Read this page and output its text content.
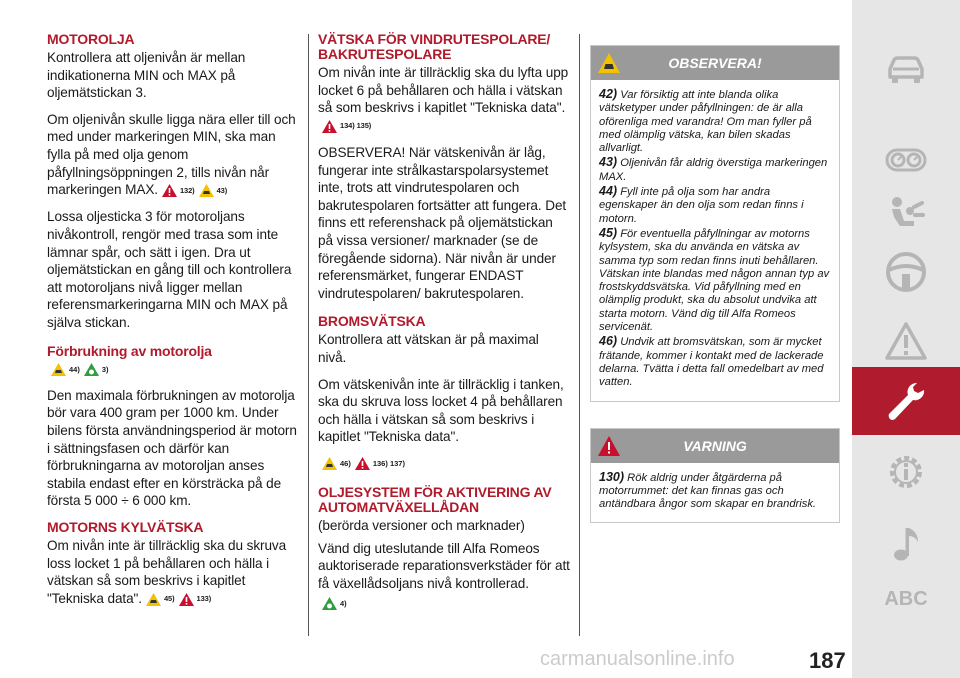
MOTOROLJA

Kontrollera att oljenivån är mellan indikationerna MIN och MAX på oljemätstickan 3.

Om oljenivån skulle ligga nära eller till och med under markeringen MIN, ska man fylla på med olja genom påfyllningsöppningen 2, tills nivån når markeringen MAX.	132)	43)

Lossa oljesticka 3 för motoroljans nivåkontroll, rengör med trasa som inte lämnar spår, och sätt i igen. Dra ut oljemätstickan en gång till och kontrollera att motoroljans nivå ligger mellan referensmarkeringarna MIN och MAX på själva stickan.

Förbrukning av motorolja
44)	3)

Den maximala förbrukningen av motorolja bör vara 400 gram per 1000 km. Under bilens första användningsperiod är motorn i sättningsfasen och därför kan förbrukningarna av motoroljan anses stabila endast efter en körsträcka på de första 5 000 ÷ 6 000 km.

MOTORNS KYLVÄTSKA

Om nivån inte är tillräcklig ska du skruva loss locket 1 på behållaren och hälla i vätskan så som beskrivs i kapitlet "Tekniska data".	45)	133)

VÄTSKA FÖR VINDRUTESPOLARE/ BAKRUTESPOLARE

Om nivån inte är tillräcklig ska du lyfta upp locket 6 på behållaren och hälla i vätskan så som beskrivs i kapitlet "Tekniska data".
134) 135)

OBSERVERA! När vätskenivån är låg, fungerar inte strålkastarspolarsystemet inte, trots att vindrutespolaren och bakrutespolaren fortsätter att fungera. Det finns ett referenshack på oljemätstickan på vissa versioner/ marknader (se de föregående sidorna). När nivån är under referensmärket, fungerar ENDAST vindrutespolaren/ bakrutespolaren.

BROMSVÄTSKA

Kontrollera att vätskan är på maximal nivå.

Om vätskenivån inte är tillräcklig i tanken, ska du skruva loss locket 4 på behållaren och hälla i vätskan så som beskrivs i kapitlet "Tekniska data".

46)	136) 137)
OLJESYSTEM FÖR AKTIVERING AV AUTOMATVÄXELLÅDAN

(berörda versioner och marknader)

Vänd dig uteslutande till Alfa Romeos auktoriserade reparationsverkstäder för att få växellådsoljans nivå kontrollerad.

4)
OBSERVERA!
42) Var försiktig att inte blanda olika vätsketyper under påfyllningen: de är alla oförenliga med varandra! Om man fyller på med olämplig vätska, kan bilen skadas allvarligt.
43) Oljenivån får aldrig överstiga markeringen MAX.
44) Fyll inte på olja som har andra egenskaper än den olja som redan finns i motorn.
45) För eventuella påfyllningar av motorns kylsystem, ska du använda en vätska av samma typ som redan finns inuti behållaren. Vätskan inte blandas med någon annan typ av frostskyddsvätska. Vid påfyllning med en olämplig produkt, ska du absolut undvika att starta motorn. Vänd dig till Alfa Romeos servicenät.
46) Undvik att bromsvätskan, som är mycket frätande, kommer i kontakt med de lackerade delarna. Tvätta i detta fall omedelbart av med vatten.
VARNING
130) Rök aldrig under åtgärderna på motorrummet: det kan finnas gas och antändbara ångor som skapar en brandrisk.
ABC
carmanualsonline.info	187
